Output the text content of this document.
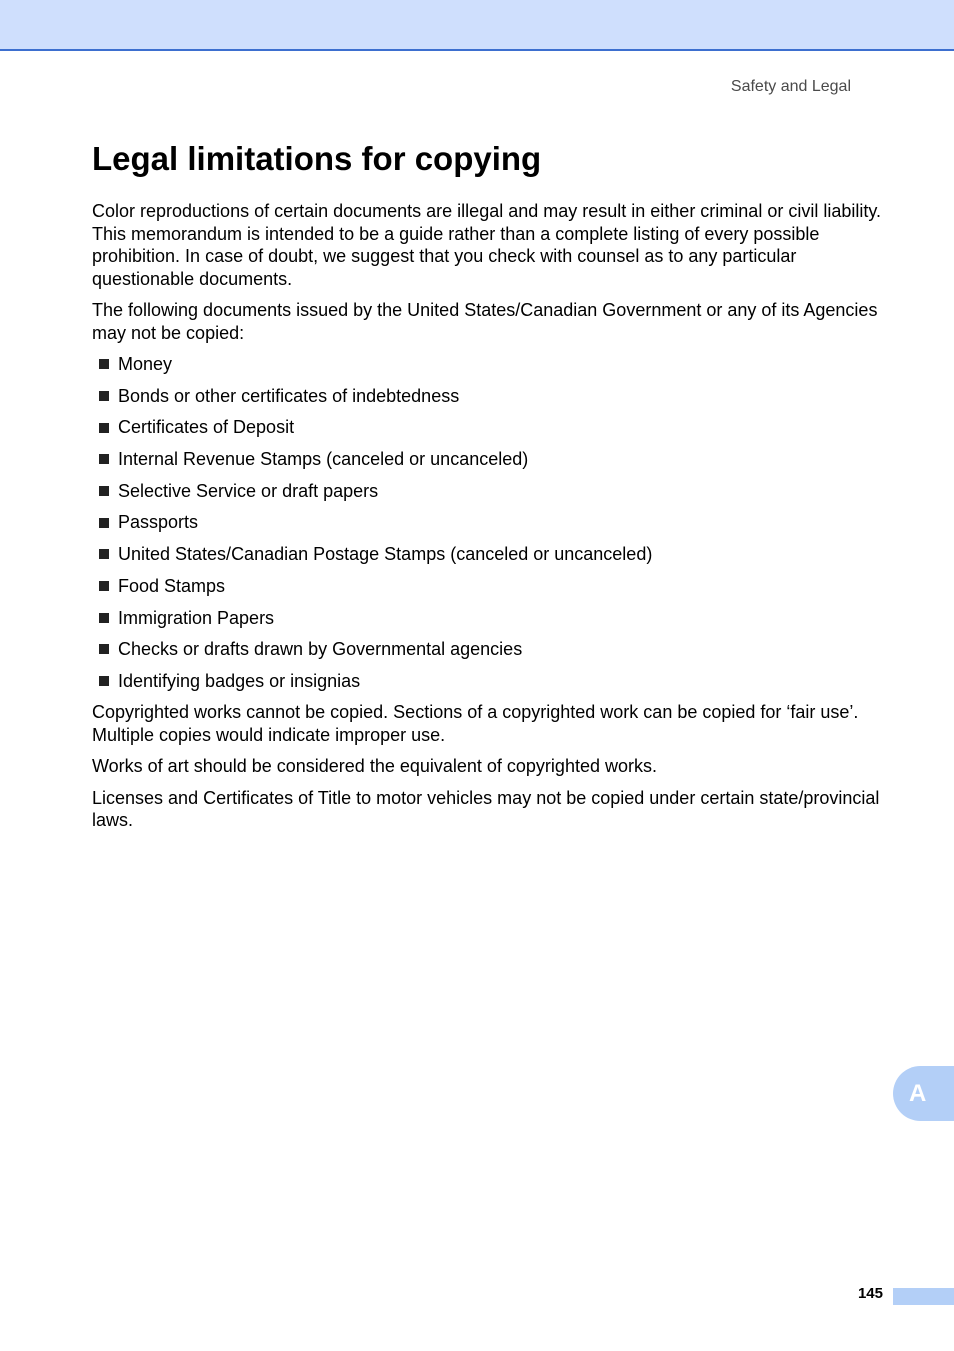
Safety and Legal
Legal limitations for copying

Color reproductions of certain documents are illegal and may result in either criminal or civil liability. This memorandum is intended to be a guide rather than a complete listing of every possible prohibition. In case of doubt, we suggest that you check with counsel as to any particular questionable documents.

The following documents issued by the United States/Canadian Government or any of its Agencies may not be copied:

Money
Bonds or other certificates of indebtedness
Certificates of Deposit
Internal Revenue Stamps (canceled or uncanceled)
Selective Service or draft papers
Passports
United States/Canadian Postage Stamps (canceled or uncanceled)
Food Stamps
Immigration Papers
Checks or drafts drawn by Governmental agencies
Identifying badges or insignias

Copyrighted works cannot be copied. Sections of a copyrighted work can be copied for ‘fair use’. Multiple copies would indicate improper use.

Works of art should be considered the equivalent of copyrighted works.

Licenses and Certificates of Title to motor vehicles may not be copied under certain state/provincial laws.

A
145
